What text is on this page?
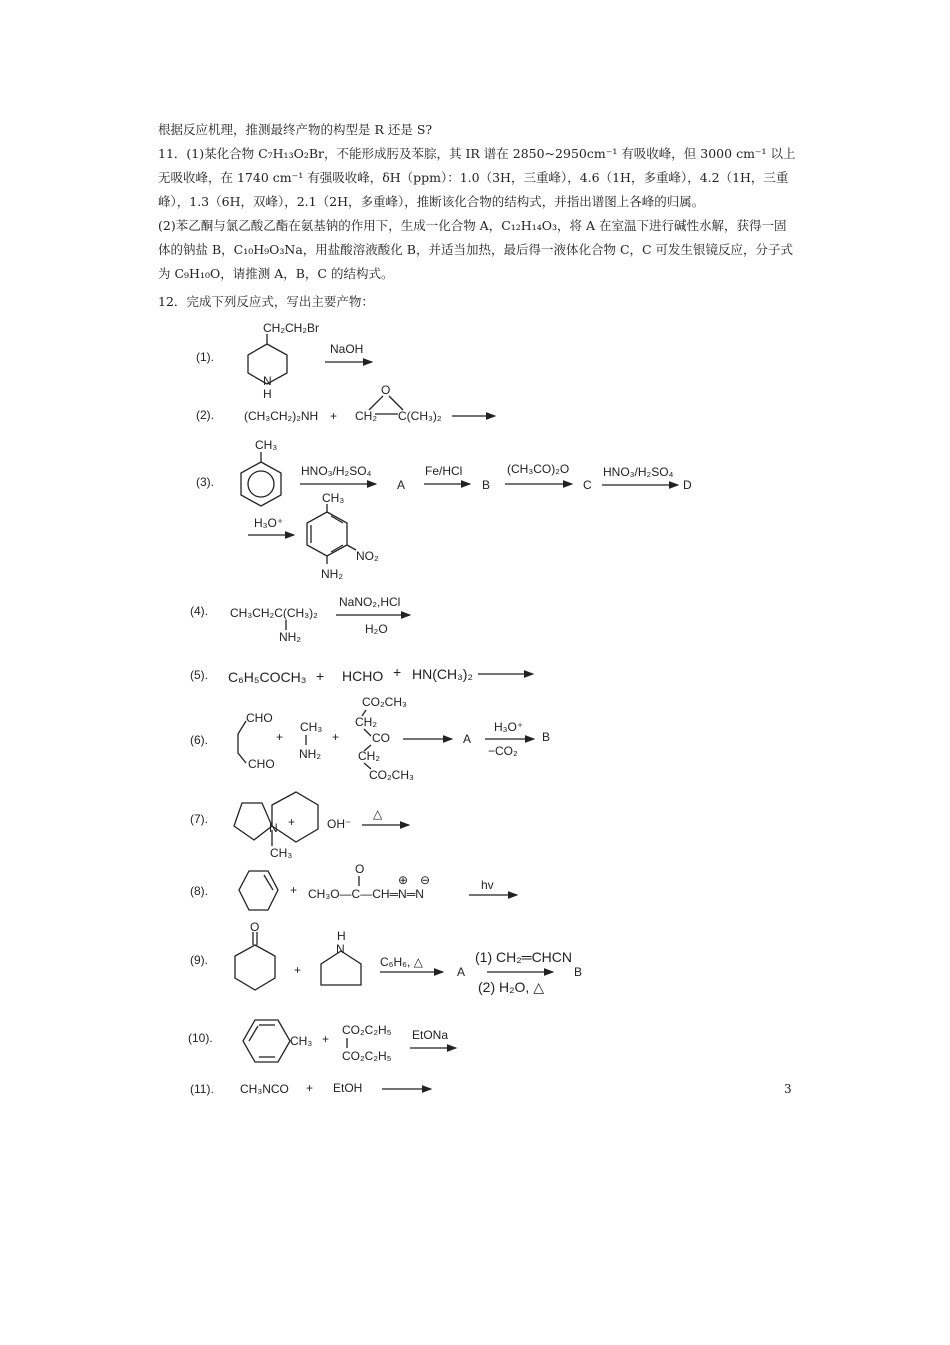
根据反应机理，推测最终产物的构型是 R 还是 S?

11．(1)某化合物 C₇H₁₃O₂Br，不能形成肟及苯腙，其 IR 谱在 2850~2950cm⁻¹ 有吸收峰，但 3000 cm⁻¹ 以上无吸收峰，在 1740 cm⁻¹ 有强吸收峰，δH（ppm）：1.0（3H，三重峰），4.6（1H，多重峰），4.2（1H，三重峰），1.3（6H，双峰），2.1（2H，多重峰），推断该化合物的结构式，并指出谱图上各峰的归属。

(2)苯乙酮与氯乙酸乙酯在氨基钠的作用下，生成一化合物 A，C₁₂H₁₄O₃，将 A 在室温下进行碱性水解，获得一固体的钠盐 B，C₁₀H₉O₃Na，用盐酸溶液酸化 B，并适当加热，最后得一液体化合物 C，C 可发生银镜反应，分子式为 C₉H₁₀O，请推测 A，B，C 的结构式。

12．完成下列反应式，写出主要产物：

(1).
(2).
(3).
(4).
(5).
(6).
(7).
(8).
(9).
(10).
(11).
CH₂CH₂Br
N
H
NaOH
(CH₃CH₂)₂NH + CH₂
O
C(CH₃)₂
CH₃
HNO₃/H₂SO₄
A
Fe/HCl
B
(CH₃CO)₂O
C
HNO₃/H₂SO₄
D
H₃O⁺
CH₃
NO₂
NH₂
CH₃CH₂C(CH₃)₂
NH₂
NaNO₂,HCl
H₂O
C₆H₅COCH₃ + HCHO + HN(CH₃)₂
CHO
CHO
+
CH₃
NH₂
+
CO₂CH₃
CH₂
CO
CH₂
CO₂CH₃
A
H₃O⁺
−CO₂
B
N +
CH₃
OH⁻
△
+
O
CH₃O—C—CH═N═N
⊕ ⊖	hv
O
+
H
N
C₆H₆, △
A
(1) CH₂═CHCN
(2) H₂O, △
B
CH₃ +
CO₂C₂H₅
CO₂C₂H₅
EtONa
CH₃NCO + EtOH	3
